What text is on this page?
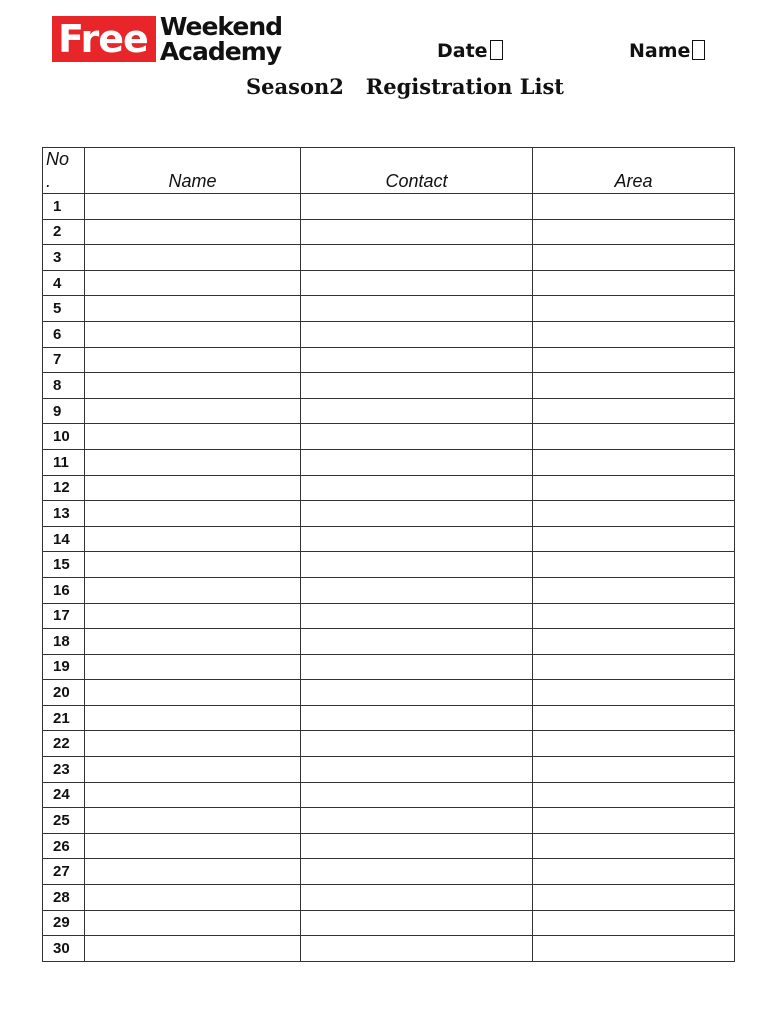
Free Weekend
Academy	Date	Name
Season2   Registration List
No
.	Name	Contact	Area
1			
2			
3			
4			
5			
6			
7			
8			
9			
10			
11			
12			
13			
14			
15			
16			
17			
18			
19			
20			
21			
22			
23			
24			
25			
26			
27			
28			
29			
30			
